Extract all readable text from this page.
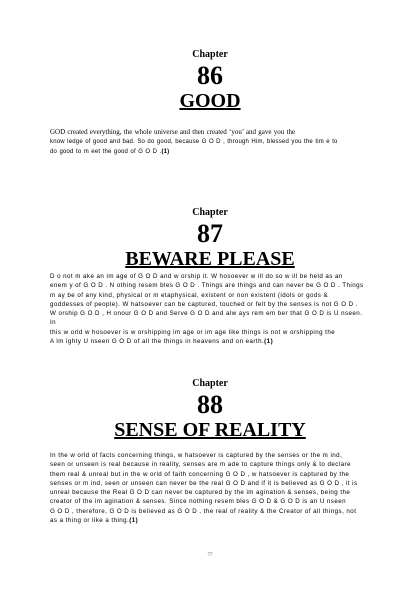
Chapter
86
GOOD
GOD created everything, the whole universe and then created ‘you’ and gave you the
know ledge of good and bad. So do good, because G O D , through Him, blessed you the tim e to
do good to m eet the good of G O D .(1)
Chapter
87
BEWARE PLEASE
D o not m ake an im age of G O D and w orship it. W hosoever w ill do so w ill be held as an
enem y of G O D . N othing resem bles G O D . Things are things and can never be G O D . Things
m ay be of any kind, physical or m etaphysical, existent or non existent (idols or gods &
goddesses of people). W hatsoever can be captured, touched or felt by the senses is not G O D .
W orship G O D , H onour G O D and Serve G O D and alw ays rem em ber that G O D is U nseen. In
this w orld w hosoever is w orshipping im age or im age like things is not w orshipping the
A lm ighty U nseen G O D of all the things in heavens and on earth.(1)
Chapter
88
SENSE OF REALITY
In the w orld of facts concerning things, w hatsoever is captured by the senses or the m ind,
seen or unseen is real because in reality, senses are m ade to capture things only & to declare
them real & unreal but in the w orld of faith concerning G O D , w hatsoever is captured by the
senses or m ind, seen or unseen can never be the real G O D and if it is believed as G O D , it is
unreal because the Real G O D can never be captured by the im agination & senses, being the
creator of the im agination & senses. Since nothing resem bles G O D & G O D is an U nseen
G O D , therefore, G O D is believed as G O D , the real of reality & the Creator of all things, not
as a thing or like a thing.(1)
77
